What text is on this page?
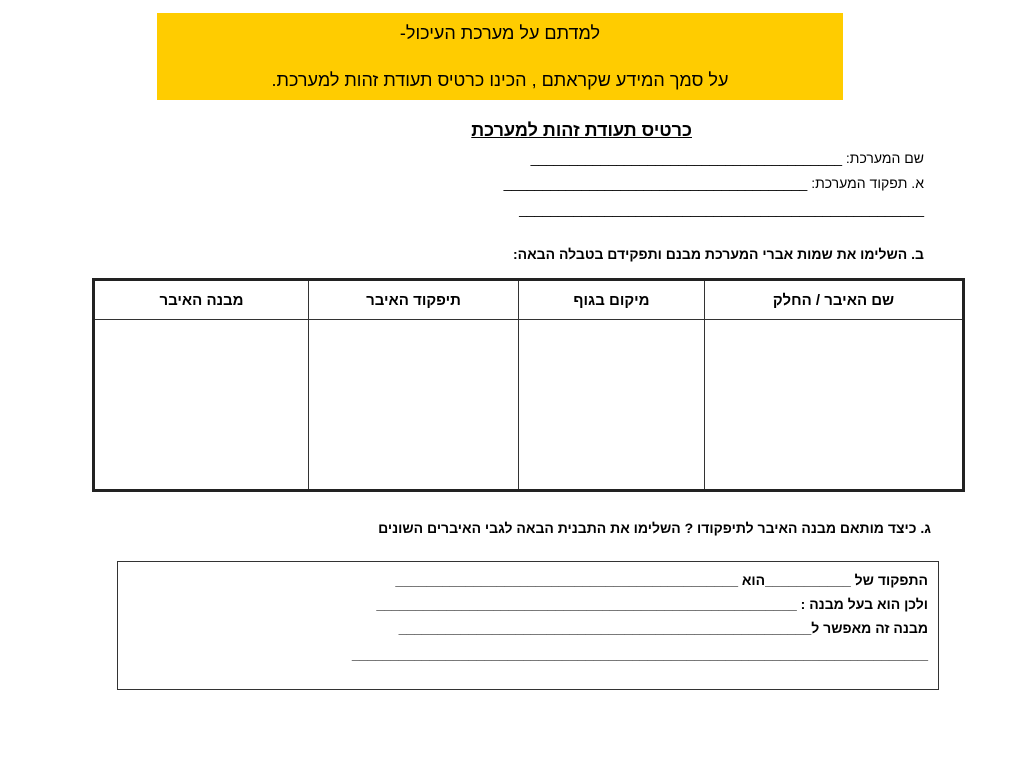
למדתם על מערכת העיכול-
על סמך המידע שקראתם , הכינו כרטיס תעודת זהות למערכת.
כרטיס תעודת זהות למערכת
שם המערכת: ________________________________________
א. תפקוד המערכת: _______________________________________
____________________________________________________
ב. השלימו את שמות אברי המערכת מבנם ותפקידם בטבלה הבאה:
שם האיבר / החלק	מיקום בגוף	תיפקוד האיבר	מבנה האיבר

ג. כיצד מותאם מבנה האיבר לתיפקודו ? השלימו את התבנית הבאה לגבי האיברים השונים
התפקוד של ___________הוא ____________________________________________
ולכן הוא בעל מבנה : ______________________________________________________
מבנה זה מאפשר ל_____________________________________________________
__________________________________________________________________________
